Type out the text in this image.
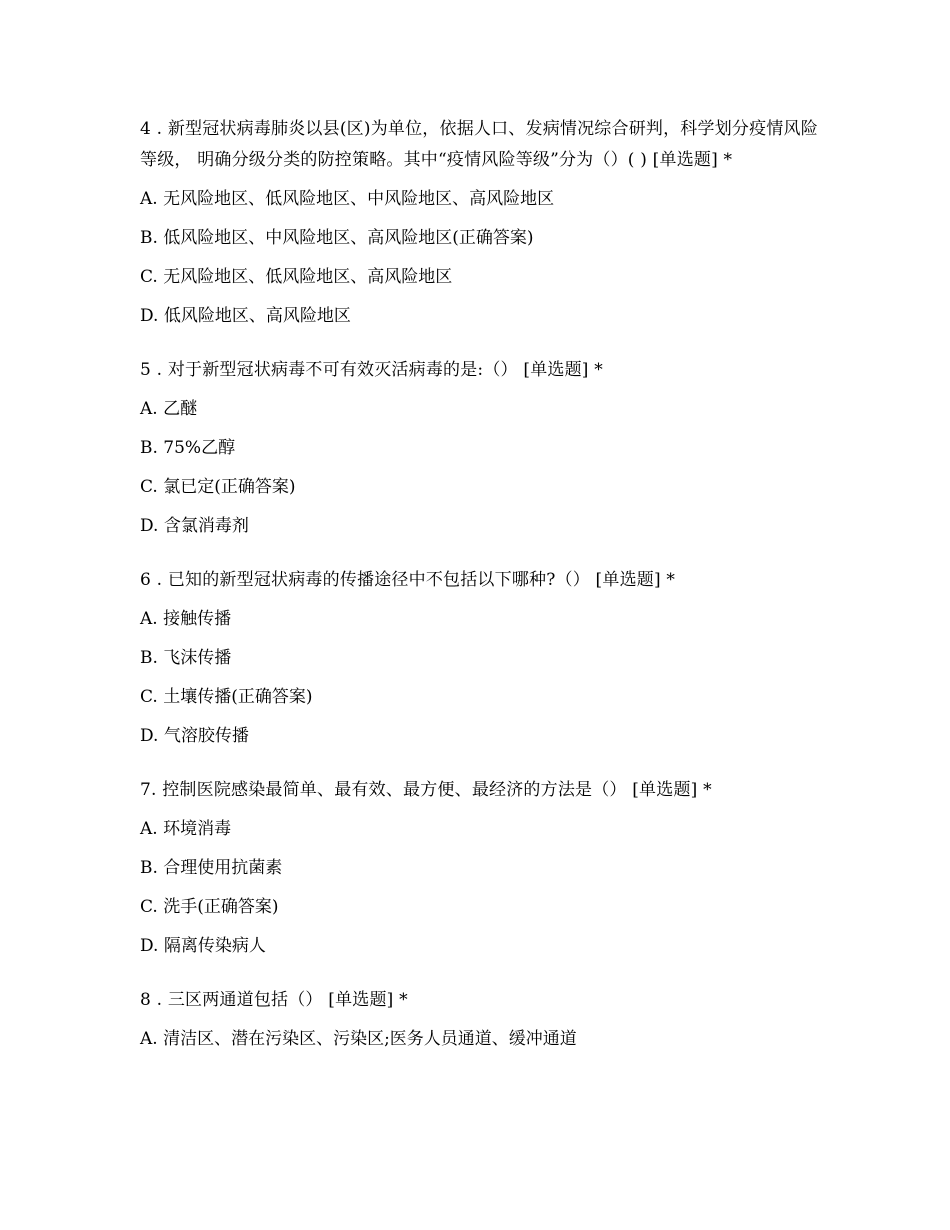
4 . 新型冠状病毒肺炎以县(区)为单位，依据人口、发病情况综合研判，科学划分疫情风险等级， 明确分级分类的防控策略。其中“疫情风险等级”分为（）( ) [单选题] *

A. 无风险地区、低风险地区、中风险地区、高风险地区

B. 低风险地区、中风险地区、高风险地区(正确答案)

C. 无风险地区、低风险地区、高风险地区

D. 低风险地区、高风险地区

5 . 对于新型冠状病毒不可有效灭活病毒的是:（） [单选题] *

A. 乙醚

B. 75%乙醇

C. 氯已定(正确答案)

D. 含氯消毒剂

6 . 已知的新型冠状病毒的传播途径中不包括以下哪种?（） [单选题] *

A. 接触传播

B. 飞沫传播

C. 土壤传播(正确答案)

D. 气溶胶传播

7. 控制医院感染最简单、最有效、最方便、最经济的方法是（） [单选题] *

A. 环境消毒

B. 合理使用抗菌素

C. 洗手(正确答案)

D. 隔离传染病人

8 . 三区两通道包括（） [单选题] *

A. 清洁区、潜在污染区、污染区;医务人员通道、缓冲通道
